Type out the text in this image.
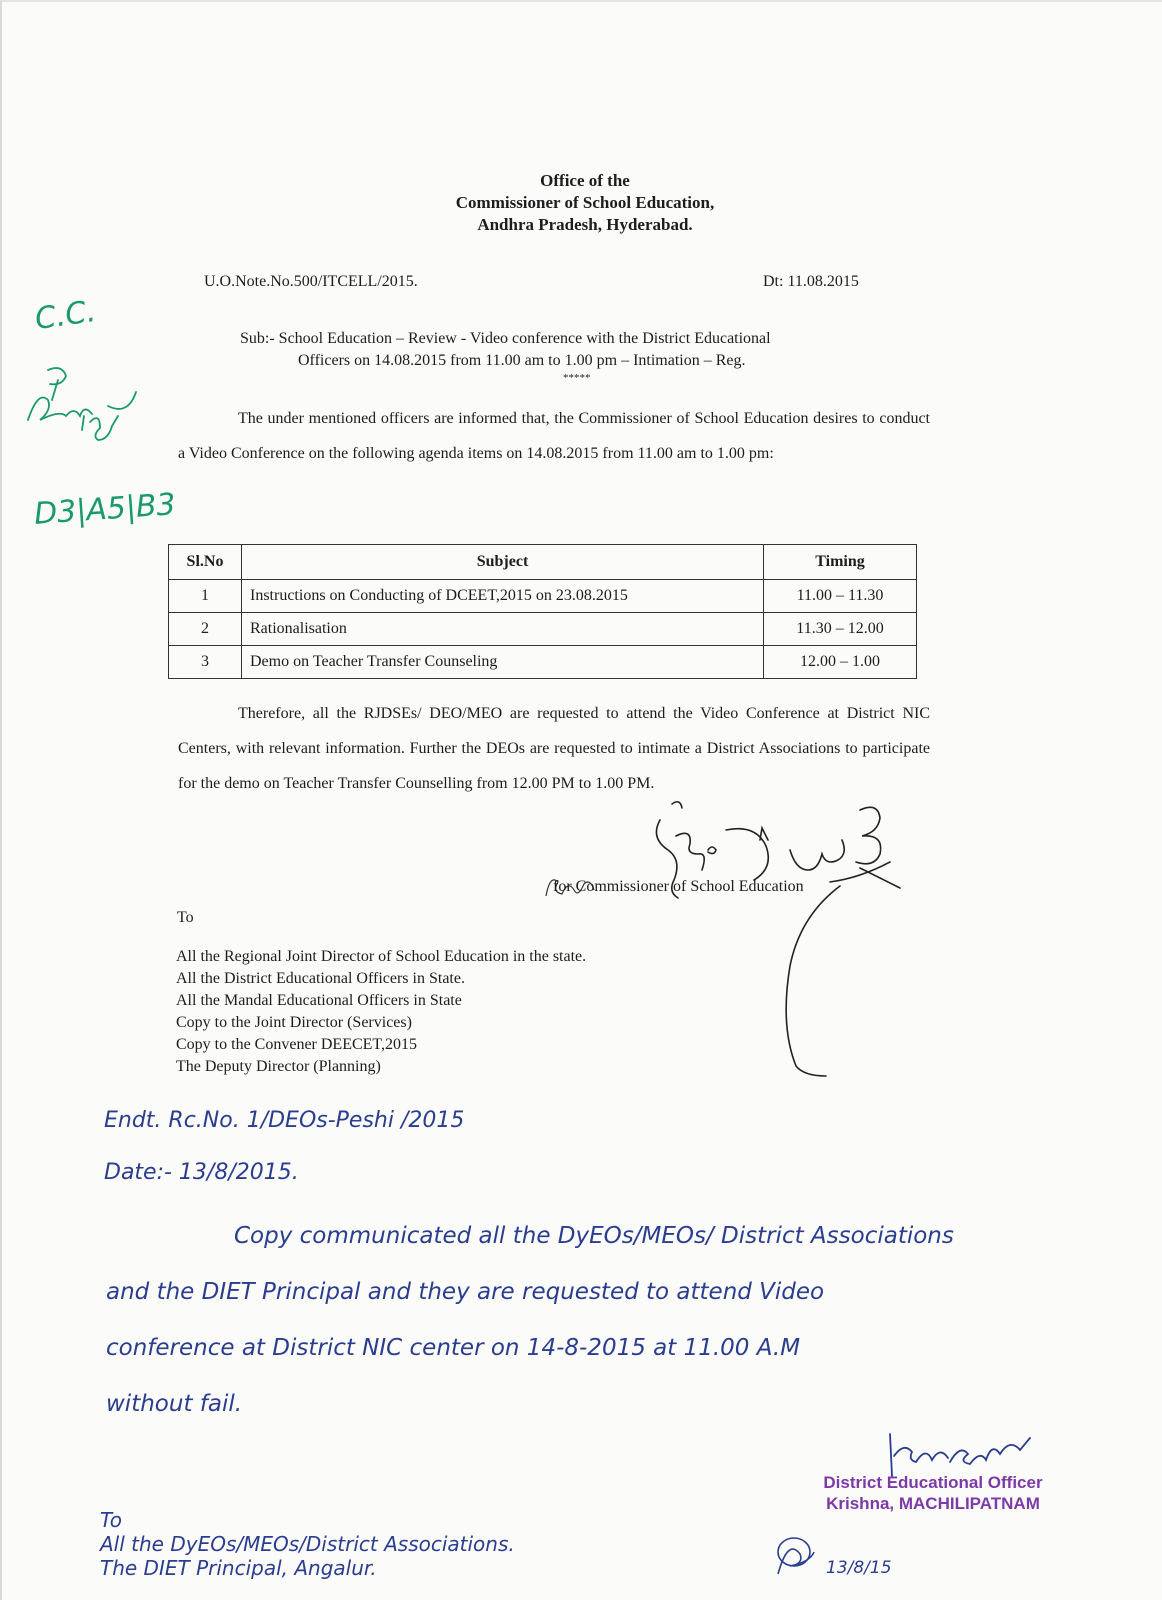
Office of the
Commissioner of School Education,
Andhra Pradesh, Hyderabad.
U.O.Note.No.500/ITCELL/2015.	Dt: 11.08.2015
Sub:- School Education – Review - Video conference with the District Educational
Officers on 14.08.2015 from 11.00 am to 1.00 pm – Intimation – Reg.
*****
The under mentioned officers are informed that, the Commissioner of School Education desires to conduct a Video Conference on the following agenda items on 14.08.2015 from 11.00 am to 1.00 pm:
Sl.No	Subject	Timing
1	Instructions on Conducting of DCEET,2015 on 23.08.2015	11.00 – 11.30
2	Rationalisation	11.30 – 12.00
3	Demo on Teacher Transfer Counseling	12.00 – 1.00
Therefore, all the RJDSEs/ DEO/MEO are requested to attend the Video Conference at District NIC Centers, with relevant information. Further the DEOs are requested to intimate a District Associations to participate for the demo on Teacher Transfer Counselling from 12.00 PM to 1.00 PM.
for Commissioner of School Education
To
All the Regional Joint Director of School Education in the state.
All the District Educational Officers in State.
All the Mandal Educational Officers in State
Copy to the Joint Director (Services)
Copy to the Convener DEECET,2015
The Deputy Director (Planning)
C.C.
D3|A5|B3
Endt. Rc.No. 1/DEOs-Peshi /2015
Date:- 13/8/2015.
Copy communicated all the DyEOs/MEOs/ District Associations
and the DIET Principal and they are requested to attend Video
conference at District NIC center on 14-8-2015 at 11.00 A.M
without fail.
District Educational Officer
Krishna, MACHILIPATNAM
To
All the DyEOs/MEOs/District Associations.
The DIET Principal, Angalur.	13/8/15
